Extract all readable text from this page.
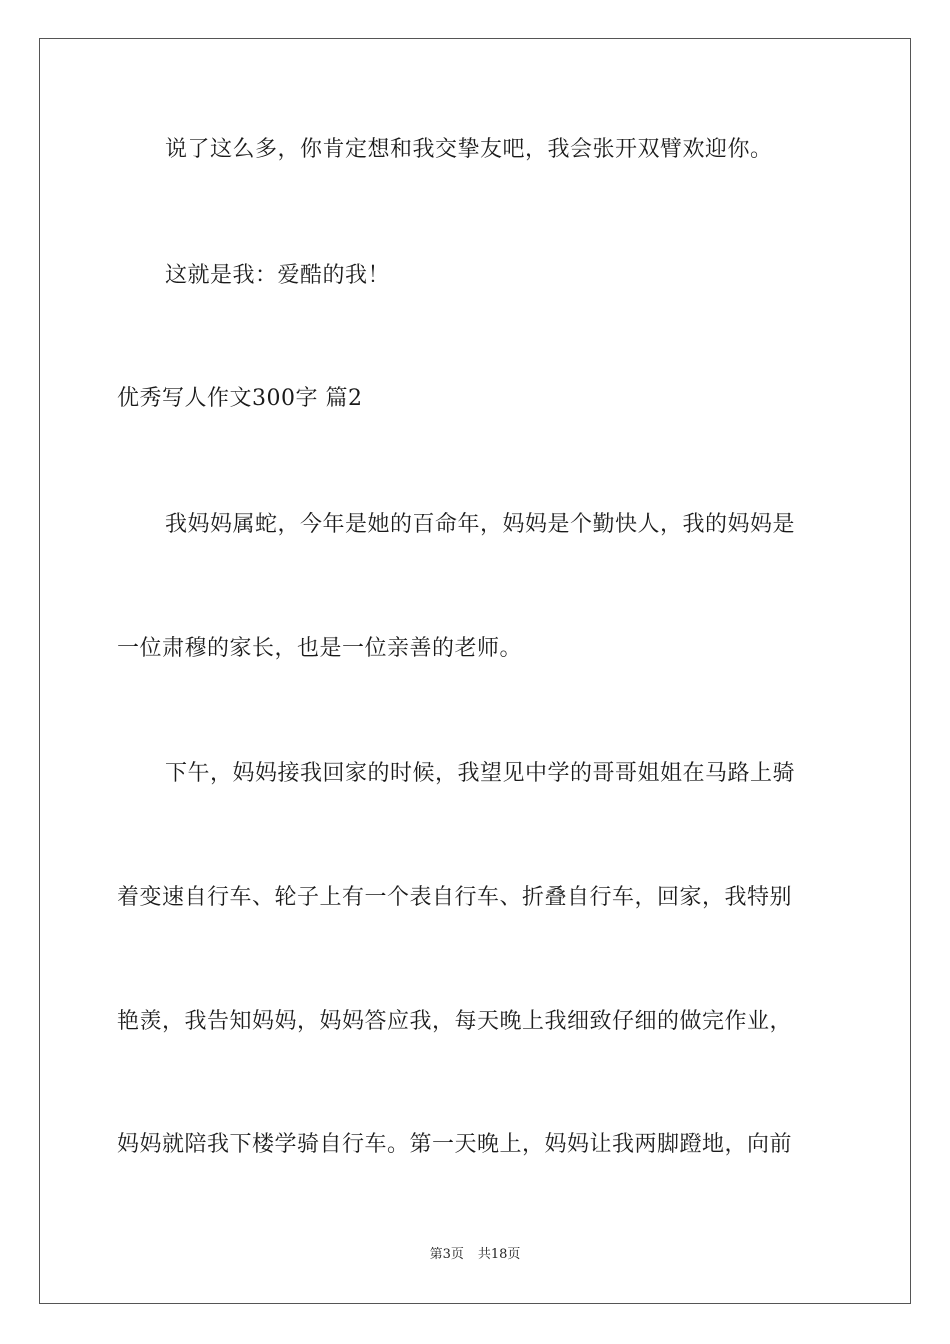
说了这么多，你肯定想和我交挚友吧，我会张开双臂欢迎你。
这就是我：爱酷的我！
优秀写人作文300字 篇2
我妈妈属蛇，今年是她的百命年，妈妈是个勤快人，我的妈妈是
一位肃穆的家长，也是一位亲善的老师。
下午，妈妈接我回家的时候，我望见中学的哥哥姐姐在马路上骑
着变速自行车、轮子上有一个表自行车、折叠自行车，回家，我特别
艳羡，我告知妈妈，妈妈答应我，每天晚上我细致仔细的做完作业，
妈妈就陪我下楼学骑自行车。第一天晚上，妈妈让我两脚蹬地，向前
第3页 共18页
